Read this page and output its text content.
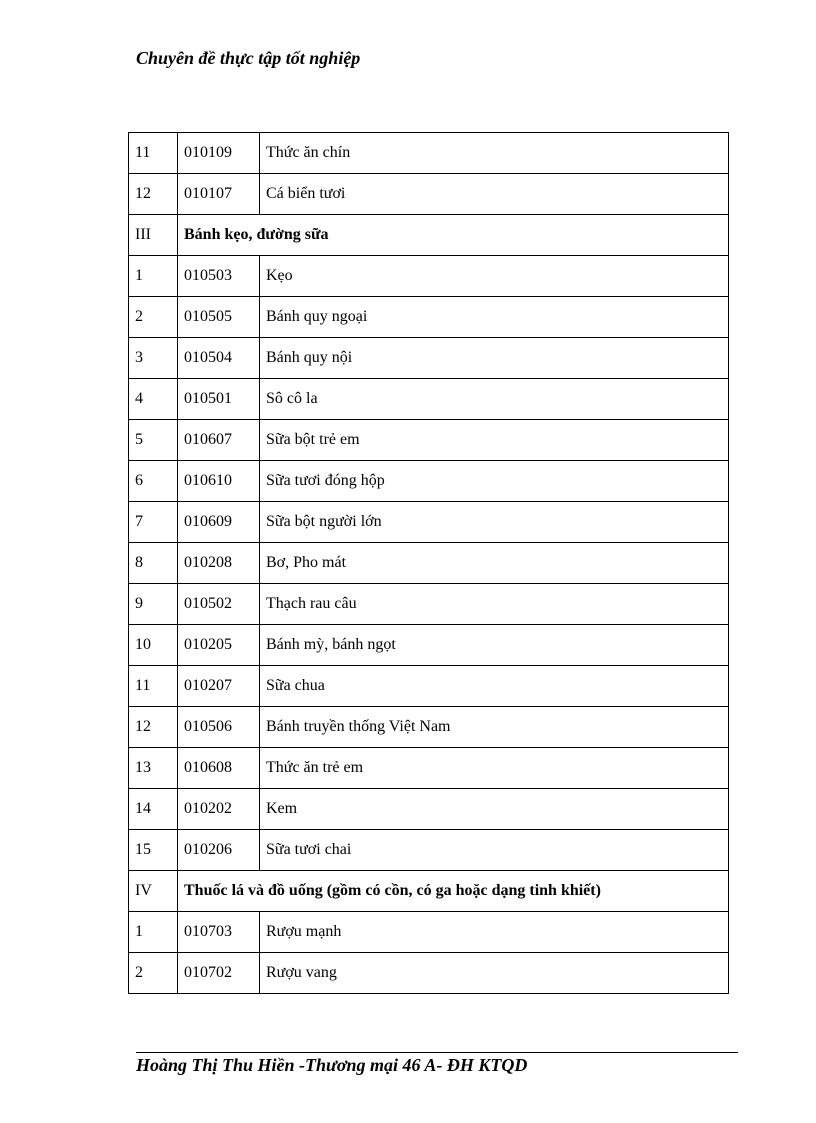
Chuyên đề thực tập tốt nghiệp
11	010109	Thức ăn chín
12	010107	Cá biển tươi
III	Bánh kẹo, đường sữa	
1	010503	Kẹo
2	010505	Bánh quy ngoại
3	010504	Bánh quy nội
4	010501	Sô cô la
5	010607	Sữa bột trẻ em
6	010610	Sữa tươi đóng hộp
7	010609	Sữa bột người lớn
8	010208	Bơ, Pho mát
9	010502	Thạch rau câu
10	010205	Bánh mỳ, bánh ngọt
11	010207	Sữa chua
12	010506	Bánh truyền thống Việt Nam
13	010608	Thức ăn trẻ em
14	010202	Kem
15	010206	Sữa tươi chai
IV	Thuốc lá và đồ uống (gồm có cồn, có ga hoặc dạng tinh khiết)	
1	010703	Rượu mạnh
2	010702	Rượu vang
Hoàng Thị Thu Hiền -Thương mại 46 A- ĐH KTQD
